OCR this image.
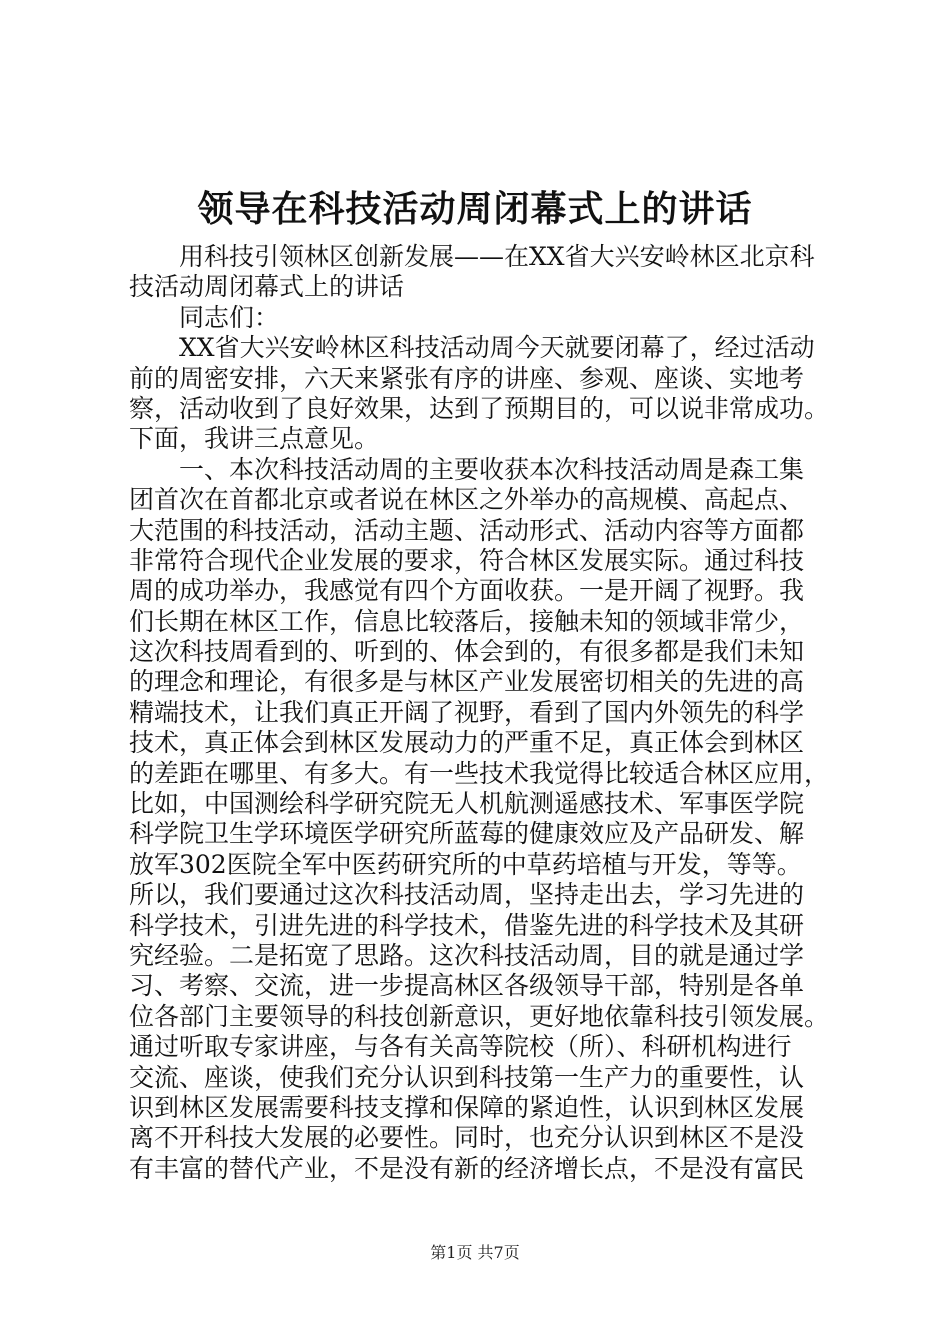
领导在科技活动周闭幕式上的讲话
用科技引领林区创新发展——在XX省大兴安岭林区北京科
技活动周闭幕式上的讲话
同志们：
XX省大兴安岭林区科技活动周今天就要闭幕了，经过活动
前的周密安排，六天来紧张有序的讲座、参观、座谈、实地考
察，活动收到了良好效果，达到了预期目的，可以说非常成功。
下面，我讲三点意见。
一、本次科技活动周的主要收获本次科技活动周是森工集
团首次在首都北京或者说在林区之外举办的高规模、高起点、
大范围的科技活动，活动主题、活动形式、活动内容等方面都
非常符合现代企业发展的要求，符合林区发展实际。通过科技
周的成功举办，我感觉有四个方面收获。一是开阔了视野。我
们长期在林区工作，信息比较落后，接触未知的领域非常少，
这次科技周看到的、听到的、体会到的，有很多都是我们未知
的理念和理论，有很多是与林区产业发展密切相关的先进的高
精端技术，让我们真正开阔了视野，看到了国内外领先的科学
技术，真正体会到林区发展动力的严重不足，真正体会到林区
的差距在哪里、有多大。有一些技术我觉得比较适合林区应用，
比如，中国测绘科学研究院无人机航测遥感技术、军事医学院
科学院卫生学环境医学研究所蓝莓的健康效应及产品研发、解
放军302医院全军中医药研究所的中草药培植与开发，等等。
所以，我们要通过这次科技活动周，坚持走出去，学习先进的
科学技术，引进先进的科学技术，借鉴先进的科学技术及其研
究经验。二是拓宽了思路。这次科技活动周，目的就是通过学
习、考察、交流，进一步提高林区各级领导干部，特别是各单
位各部门主要领导的科技创新意识，更好地依靠科技引领发展。
通过听取专家讲座，与各有关高等院校（所）、科研机构进行
交流、座谈，使我们充分认识到科技第一生产力的重要性，认
识到林区发展需要科技支撑和保障的紧迫性，认识到林区发展
离不开科技大发展的必要性。同时，也充分认识到林区不是没
有丰富的替代产业，不是没有新的经济增长点，不是没有富民
第1页 共7页
